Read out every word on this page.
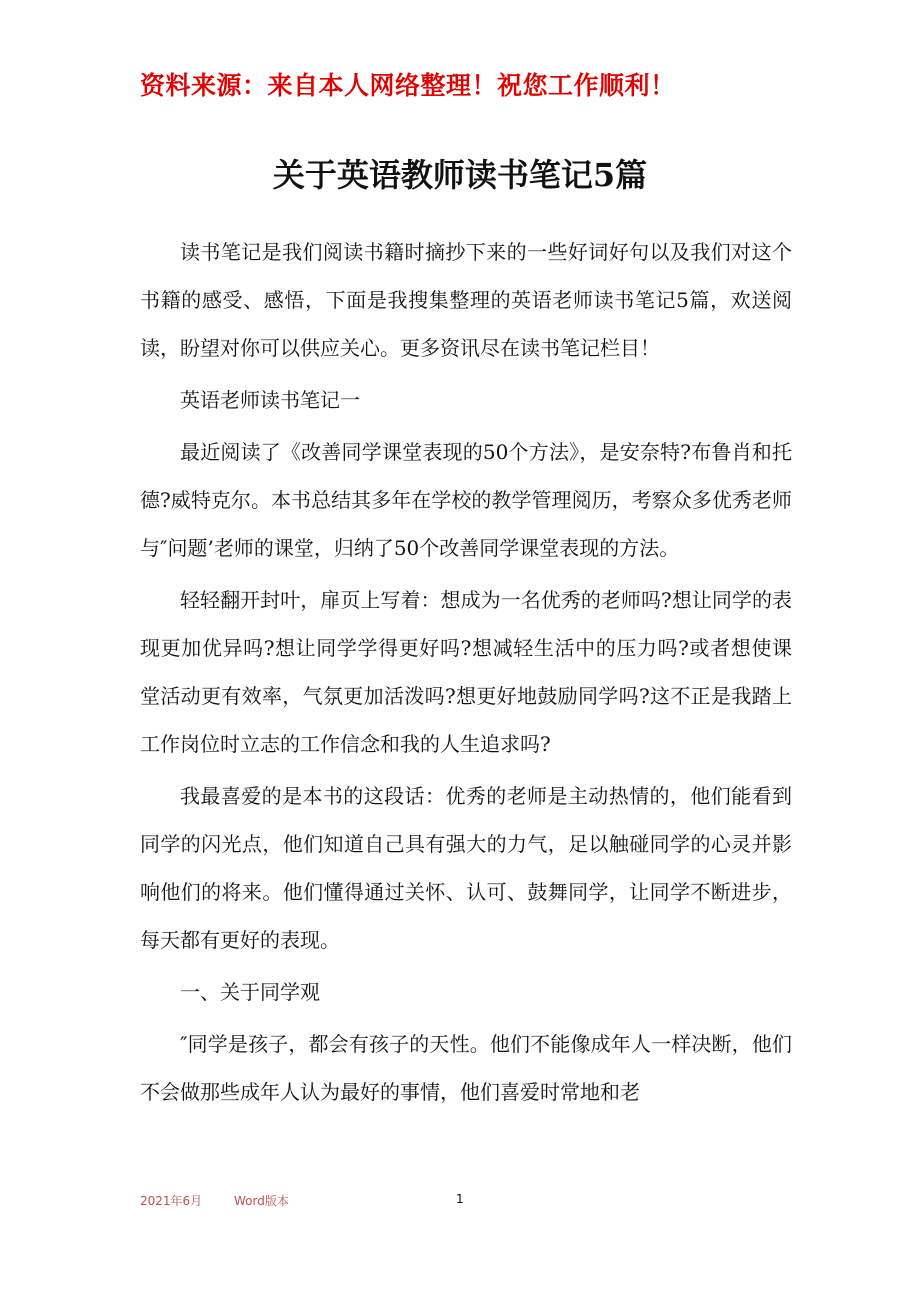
资料来源：来自本人网络整理！祝您工作顺利！
关于英语教师读书笔记5篇

读书笔记是我们阅读书籍时摘抄下来的一些好词好句以及我们对这个书籍的感受、感悟，下面是我搜集整理的英语老师读书笔记5篇，欢送阅读，盼望对你可以供应关心。更多资讯尽在读书笔记栏目！

英语老师读书笔记一

最近阅读了《改善同学课堂表现的50个方法》，是安奈特?布鲁肖和托德?威特克尔。本书总结其多年在学校的教学管理阅历，考察众多优秀老师与″问题’老师的课堂，归纳了50个改善同学课堂表现的方法。

轻轻翻开封叶，扉页上写着：想成为一名优秀的老师吗?想让同学的表现更加优异吗?想让同学学得更好吗?想减轻生活中的压力吗?或者想使课堂活动更有效率，气氛更加活泼吗?想更好地鼓励同学吗?这不正是我踏上工作岗位时立志的工作信念和我的人生追求吗?

我最喜爱的是本书的这段话：优秀的老师是主动热情的，他们能看到同学的闪光点，他们知道自己具有强大的力气，足以触碰同学的心灵并影响他们的将来。他们懂得通过关怀、认可、鼓舞同学，让同学不断进步，每天都有更好的表现。

一、关于同学观

″同学是孩子，都会有孩子的天性。他们不能像成年人一样决断，他们不会做那些成年人认为最好的事情，他们喜爱时常地和老

2021年6月	Word版本	1
